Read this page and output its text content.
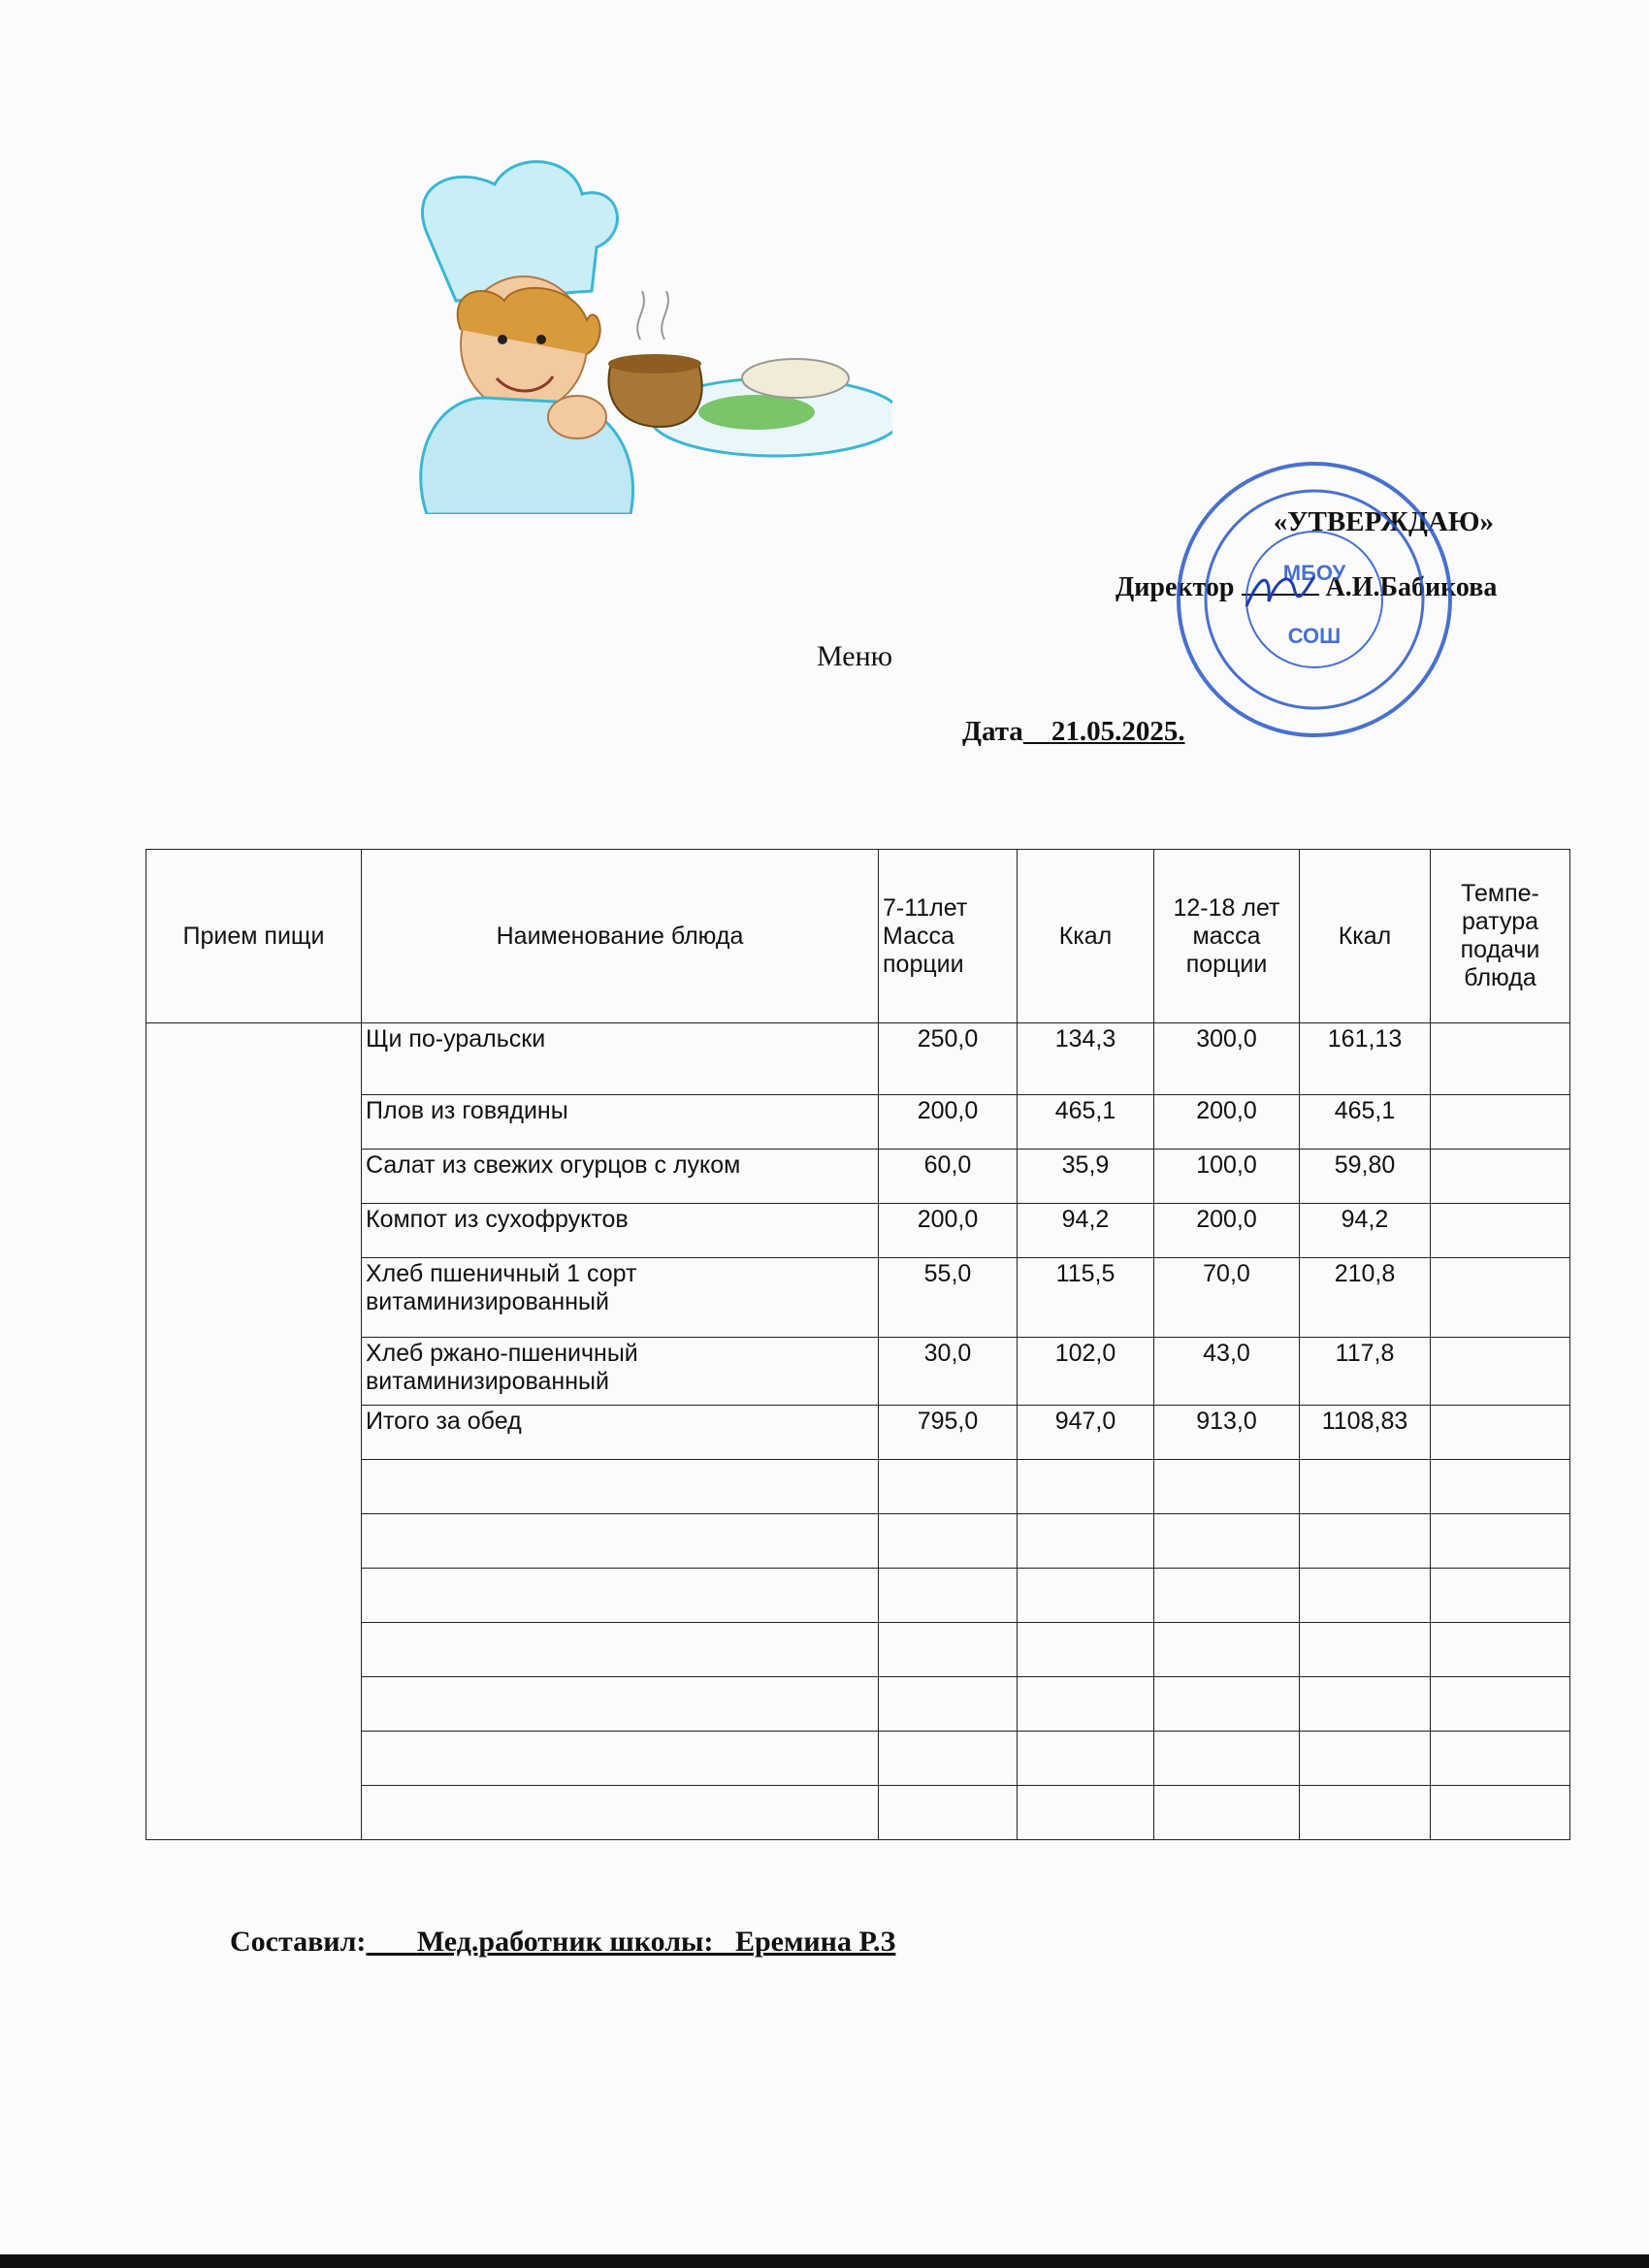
«УТВЕРЖДАЮ»
Директор	А.И.Бабикова
МБОУ
СОШ
Меню
Дата 21.05.2025.
Прием пищи	Наименование блюда	7-11лет Масса порции	Ккал	12-18 лет масса порции	Ккал	Темпе-ратура подачи блюда
	Щи по-уральски	250,0	134,3	300,0	161,13	
	Плов из говядины	200,0	465,1	200,0	465,1	
	Салат из свежих огурцов с луком	60,0	35,9	100,0	59,80	
	Компот из сухофруктов	200,0	94,2	200,0	94,2	
	Хлеб пшеничный 1 сорт витаминизированный	55,0	115,5	70,0	210,8	
	Хлеб ржано-пшеничный витаминизированный	30,0	102,0	43,0	117,8	
	Итого за обед	795,0	947,0	913,0	1108,83	

Составил: Мед.работник школы:   Еремина Р.З
